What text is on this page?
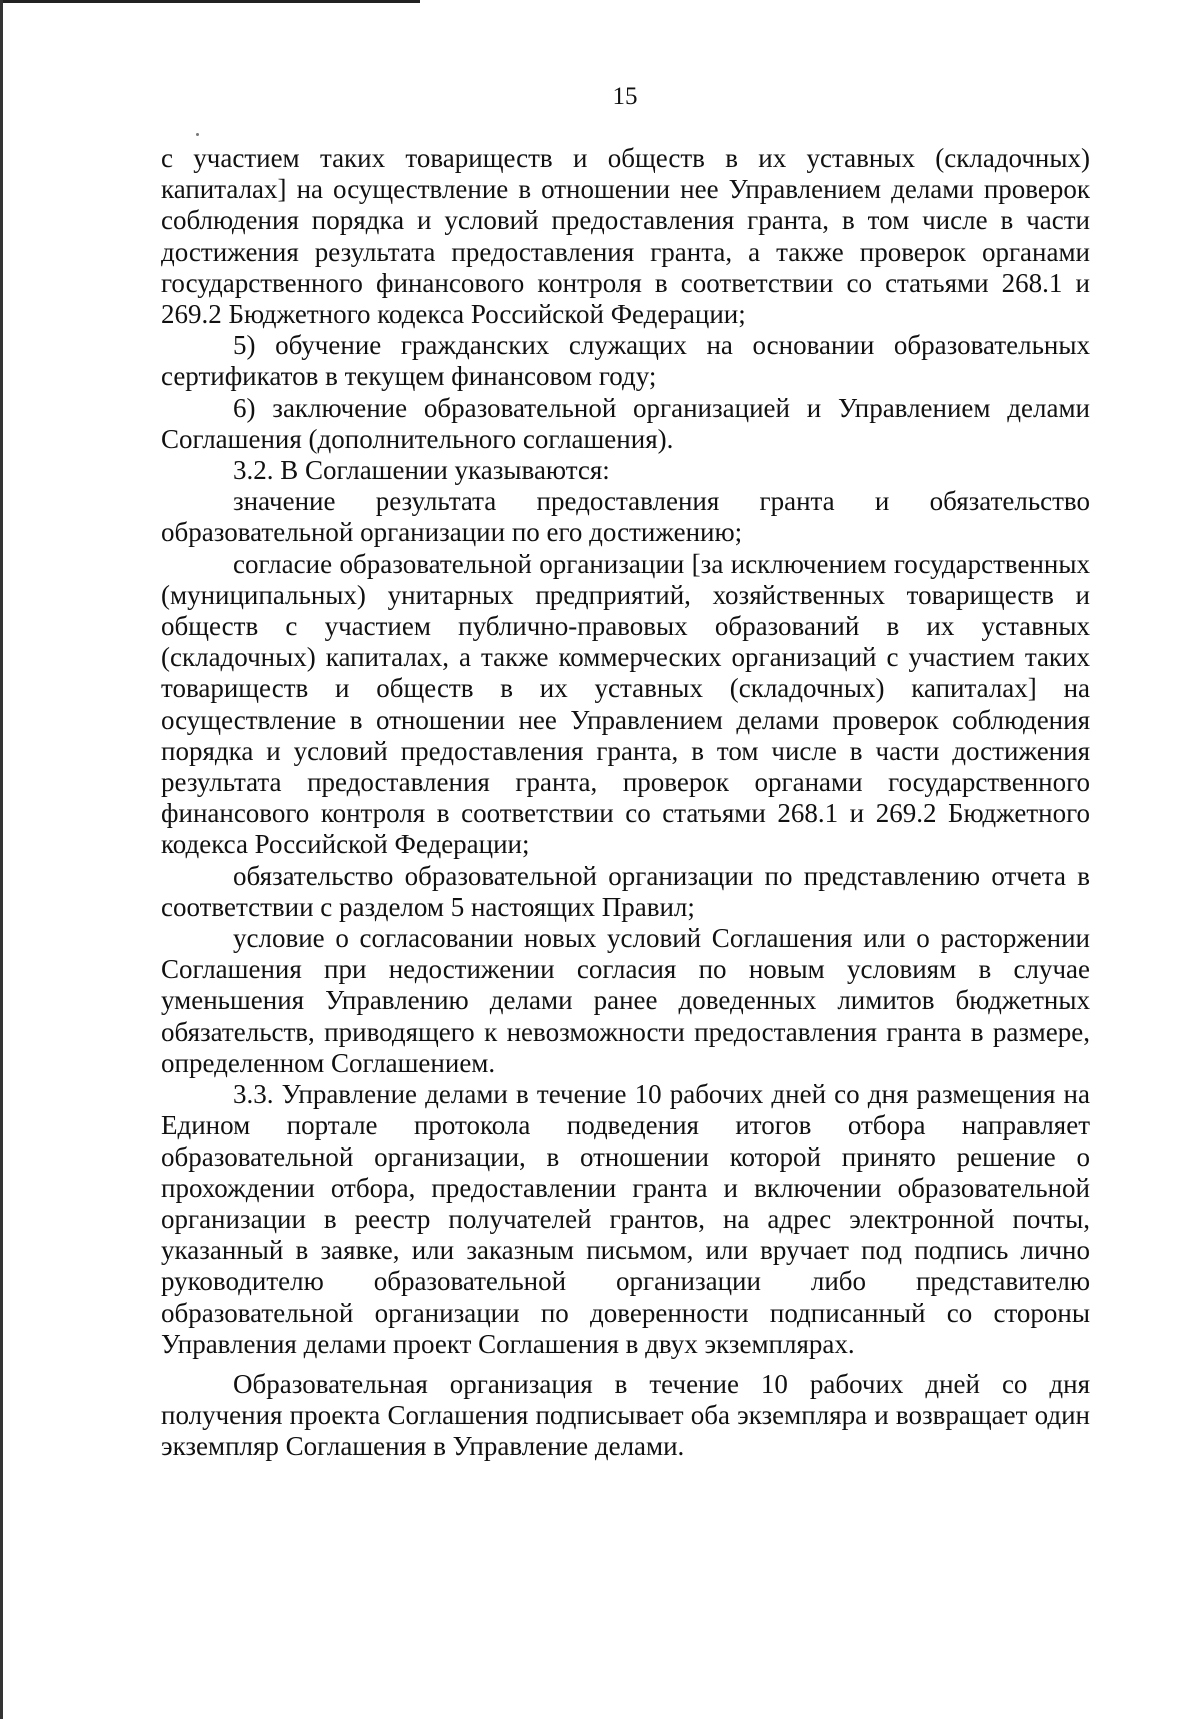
15

с участием таких товариществ и обществ в их уставных (складочных) капиталах] на осуществление в отношении нее Управлением делами проверок соблюдения порядка и условий предоставления гранта, в том числе в части достижения результата предоставления гранта, а также проверок органами государственного финансового контроля в соответствии со статьями 268.1 и 269.2 Бюджетного кодекса Российской Федерации;

5) обучение гражданских служащих на основании образовательных сертификатов в текущем финансовом году;

6) заключение образовательной организацией и Управлением делами Соглашения (дополнительного соглашения).

3.2. В Соглашении указываются:

значение результата предоставления гранта и обязательство образовательной организации по его достижению;

согласие образовательной организации [за исключением государственных (муниципальных) унитарных предприятий, хозяйственных товариществ и обществ с участием публично-правовых образований в их уставных (складочных) капиталах, а также коммерческих организаций с участием таких товариществ и обществ в их уставных (складочных) капиталах] на осуществление в отношении нее Управлением делами проверок соблюдения порядка и условий предоставления гранта, в том числе в части достижения результата предоставления гранта, проверок органами государственного финансового контроля в соответствии со статьями 268.1 и 269.2 Бюджетного кодекса Российской Федерации;

обязательство образовательной организации по представлению отчета в соответствии с разделом 5 настоящих Правил;

условие о согласовании новых условий Соглашения или о расторжении Соглашения при недостижении согласия по новым условиям в случае уменьшения Управлению делами ранее доведенных лимитов бюджетных обязательств, приводящего к невозможности предоставления гранта в размере, определенном Соглашением.

3.3. Управление делами в течение 10 рабочих дней со дня размещения на Едином портале протокола подведения итогов отбора направляет образовательной организации, в отношении которой принято решение о прохождении отбора, предоставлении гранта и включении образовательной организации в реестр получателей грантов, на адрес электронной почты, указанный в заявке, или заказным письмом, или вручает под подпись лично руководителю образовательной организации либо представителю образовательной организации по доверенности подписанный со стороны Управления делами проект Соглашения в двух экземплярах.

Образовательная организация в течение 10 рабочих дней со дня получения проекта Соглашения подписывает оба экземпляра и возвращает один экземпляр Соглашения в Управление делами.
